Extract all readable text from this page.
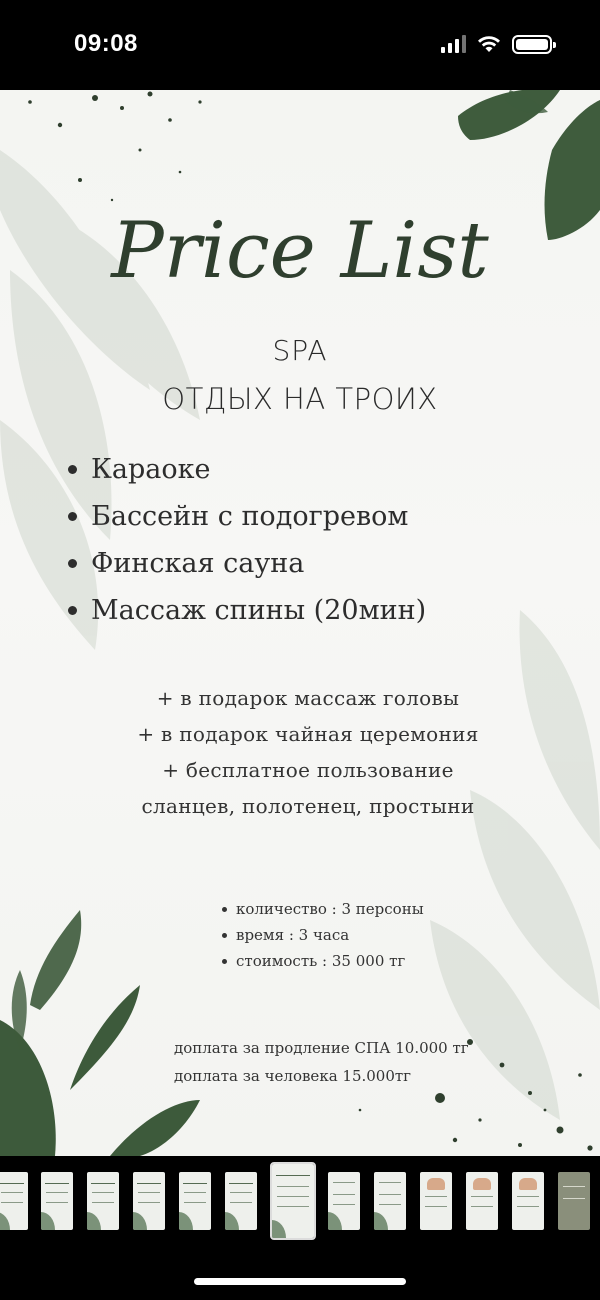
09:08
Price List
SPA
ОТДЫХ НА ТРОИХ
Караоке
Бассейн с подогревом
Финская сауна
Массаж спины (20мин)
+ в подарок массаж головы
+ в подарок чайная церемония
+ бесплатное пользование
сланцев, полотенец, простыни
количество : 3 персоны
время : 3 часа
стоимость : 35 000 тг
доплата за продление СПА 10.000 тг
доплата за человека 15.000тг
